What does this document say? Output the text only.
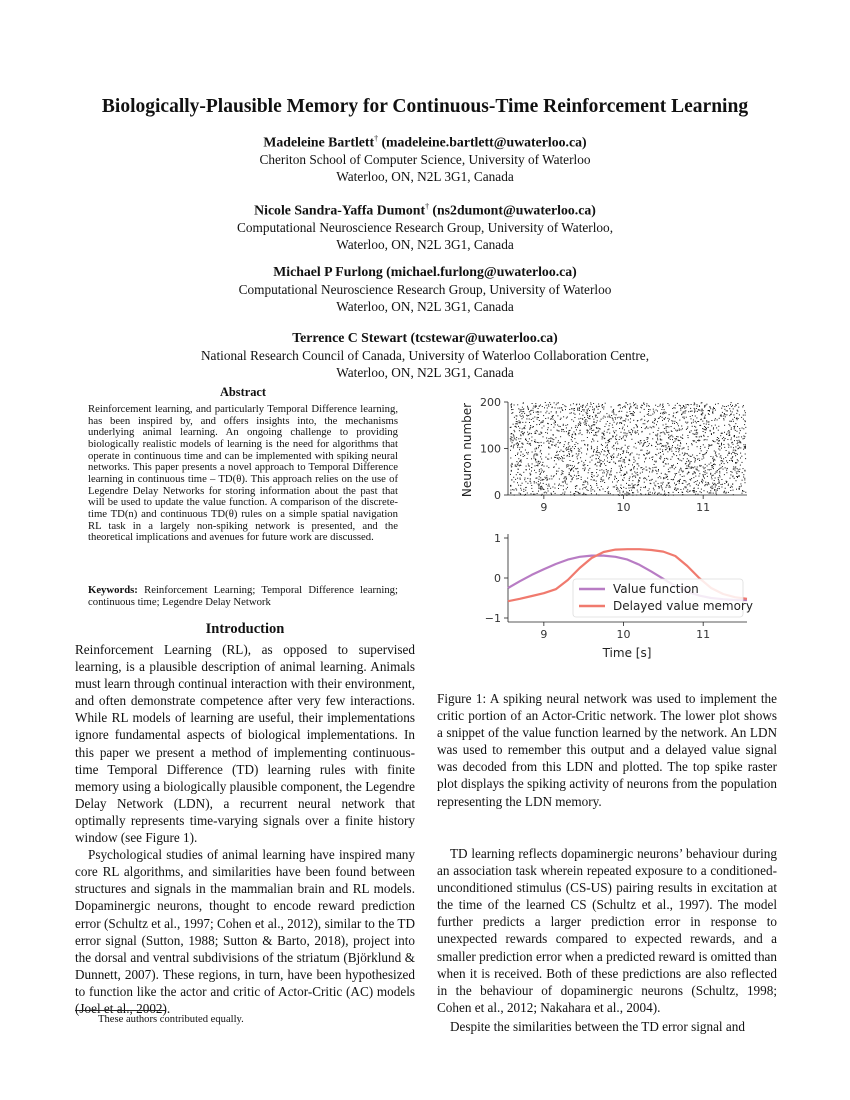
Biologically-Plausible Memory for Continuous-Time Reinforcement Learning
Madeleine Bartlett† (madeleine.bartlett@uwaterloo.ca)
Cheriton School of Computer Science, University of Waterloo
Waterloo, ON, N2L 3G1, Canada
Nicole Sandra-Yaffa Dumont† (ns2dumont@uwaterloo.ca)
Computational Neuroscience Research Group, University of Waterloo,
Waterloo, ON, N2L 3G1, Canada
Michael P Furlong (michael.furlong@uwaterloo.ca)
Computational Neuroscience Research Group, University of Waterloo
Waterloo, ON, N2L 3G1, Canada
Terrence C Stewart (tcstewar@uwaterloo.ca)
National Research Council of Canada, University of Waterloo Collaboration Centre,
Waterloo, ON, N2L 3G1, Canada
Abstract
Reinforcement learning, and particularly Temporal Difference learning, has been inspired by, and offers insights into, the mechanisms underlying animal learning. An ongoing challenge to providing biologically realistic models of learning is the need for algorithms that operate in continuous time and can be implemented with spiking neural networks. This paper presents a novel approach to Temporal Difference learning in continuous time – TD(θ). This approach relies on the use of Legendre Delay Networks for storing information about the past that will be used to update the value function. A comparison of the discrete-time TD(n) and continuous TD(θ) rules on a simple spatial navigation RL task in a largely non-spiking network is presented, and the theoretical implications and avenues for future work are discussed.
Keywords: Reinforcement Learning; Temporal Difference learning; continuous time; Legendre Delay Network
Introduction

Reinforcement Learning (RL), as opposed to supervised learning, is a plausible description of animal learning. Animals must learn through continual interaction with their environment, and often demonstrate competence after very few interactions. While RL models of learning are useful, their implementations ignore fundamental aspects of biological implementations. In this paper we present a method of implementing continuous-time Temporal Difference (TD) learning rules with finite memory using a biologically plausible component, the Legendre Delay Network (LDN), a recurrent neural network that optimally represents time-varying signals over a finite history window (see Figure 1).

Psychological studies of animal learning have inspired many core RL algorithms, and similarities have been found between structures and signals in the mammalian brain and RL models. Dopaminergic neurons, thought to encode reward prediction error (Schultz et al., 1997; Cohen et al., 2012), similar to the TD error signal (Sutton, 1988; Sutton & Barto, 2018), project into the dorsal and ventral subdivisions of the striatum (Björklund & Dunnett, 2007). These regions, in turn, have been hypothesized to function like the actor and critic of Actor-Critic (AC) models (Joel et al., 2002).

These authors contributed equally.
0
100
200
9	10	11
Neuron number
−1
0
1
9	10	11
Value function
Delayed value memory
Time [s]
Figure 1: A spiking neural network was used to implement the critic portion of an Actor-Critic network. The lower plot shows a snippet of the value function learned by the network. An LDN was used to remember this output and a delayed value signal was decoded from this LDN and plotted. The top spike raster plot displays the spiking activity of neurons from the population representing the LDN memory.

TD learning reflects dopaminergic neurons’ behaviour during an association task wherein repeated exposure to a conditioned-unconditioned stimulus (CS-US) pairing results in excitation at the time of the learned CS (Schultz et al., 1997). The model further predicts a larger prediction error in response to unexpected rewards compared to expected rewards, and a smaller prediction error when a predicted reward is omitted than when it is received. Both of these predictions are also reflected in the behaviour of dopaminergic neurons (Schultz, 1998; Cohen et al., 2012; Nakahara et al., 2004).

Despite the similarities between the TD error signal and
